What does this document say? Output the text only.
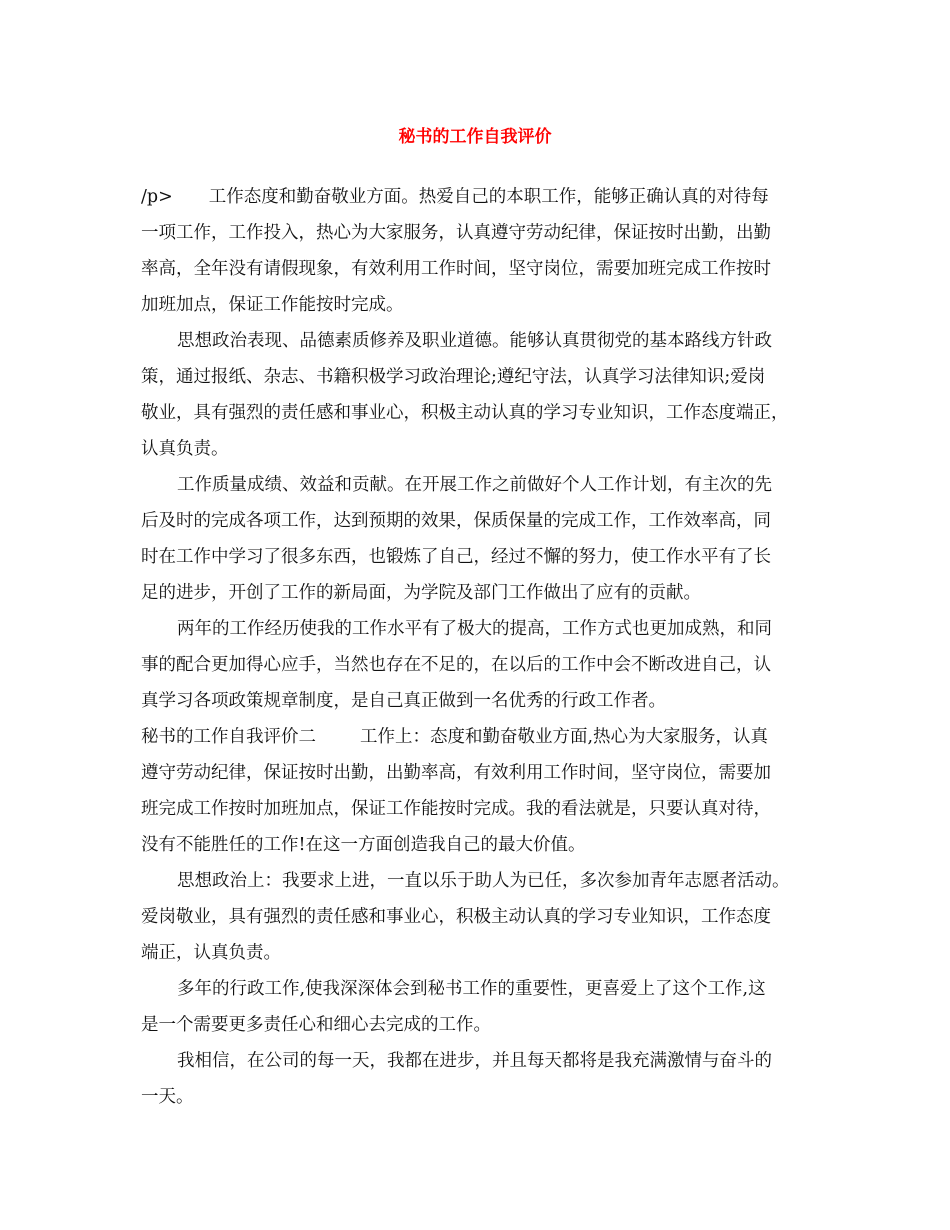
秘书的工作自我评价
/p> 工作态度和勤奋敬业方面。热爱自己的本职工作，能够正确认真的对待每
一项工作，工作投入，热心为大家服务，认真遵守劳动纪律，保证按时出勤，出勤
率高，全年没有请假现象，有效利用工作时间，坚守岗位，需要加班完成工作按时
加班加点，保证工作能按时完成。
思想政治表现、品德素质修养及职业道德。能够认真贯彻党的基本路线方针政
策，通过报纸、杂志、书籍积极学习政治理论;遵纪守法，认真学习法律知识;爱岗
敬业，具有强烈的责任感和事业心，积极主动认真的学习专业知识，工作态度端正，
认真负责。
工作质量成绩、效益和贡献。在开展工作之前做好个人工作计划，有主次的先
后及时的完成各项工作，达到预期的效果，保质保量的完成工作，工作效率高，同
时在工作中学习了很多东西，也锻炼了自己，经过不懈的努力，使工作水平有了长
足的进步，开创了工作的新局面，为学院及部门工作做出了应有的贡献。
两年的工作经历使我的工作水平有了极大的提高，工作方式也更加成熟，和同
事的配合更加得心应手，当然也存在不足的，在以后的工作中会不断改进自己，认
真学习各项政策规章制度，是自己真正做到一名优秀的行政工作者。
秘书的工作自我评价二	工作上：态度和勤奋敬业方面,热心为大家服务，认真
遵守劳动纪律，保证按时出勤，出勤率高，有效利用工作时间，坚守岗位，需要加
班完成工作按时加班加点，保证工作能按时完成。我的看法就是，只要认真对待，
没有不能胜任的工作!在这一方面创造我自己的最大价值。
思想政治上：我要求上进，一直以乐于助人为已任，多次参加青年志愿者活动。
爱岗敬业，具有强烈的责任感和事业心，积极主动认真的学习专业知识，工作态度
端正，认真负责。
多年的行政工作,使我深深体会到秘书工作的重要性，更喜爱上了这个工作,这
是一个需要更多责任心和细心去完成的工作。
我相信，在公司的每一天，我都在进步，并且每天都将是我充满激情与奋斗的
一天。
